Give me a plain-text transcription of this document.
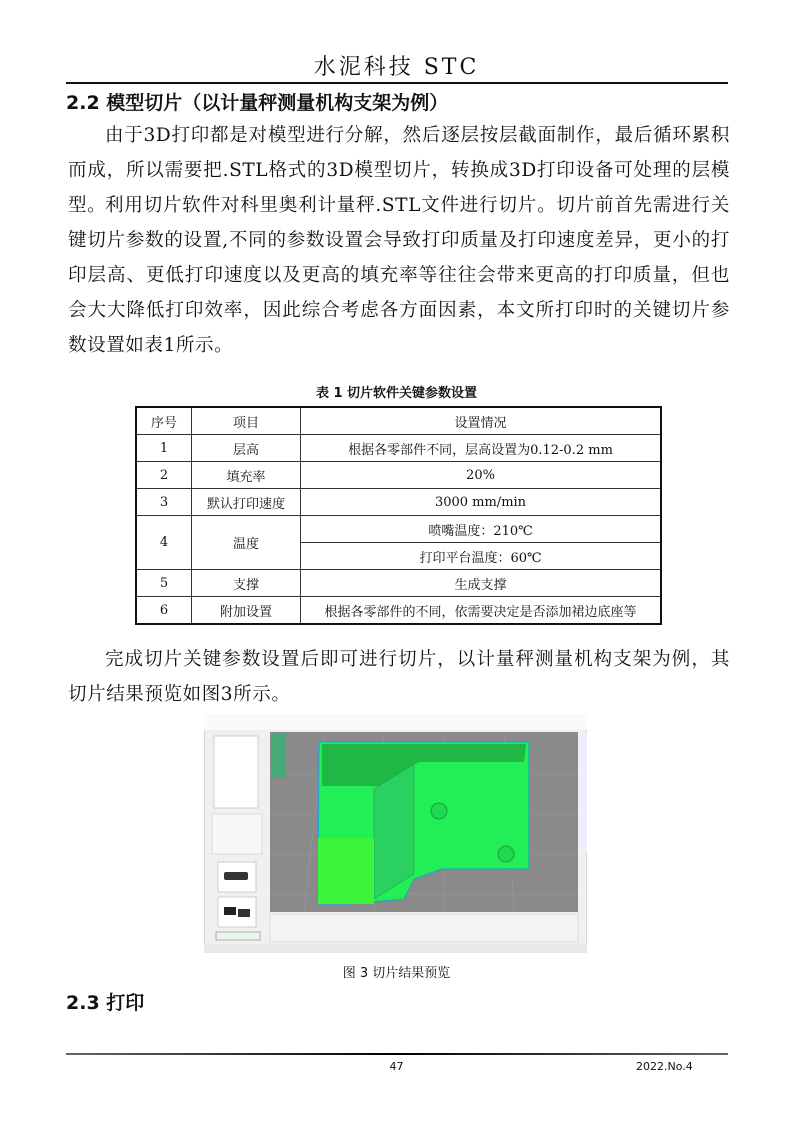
水泥科技 STC
2.2 模型切片（以计量秤测量机构支架为例）
由于3D打印都是对模型进行分解，然后逐层按层截面制作，最后循环累积而成，所以需要把.STL格式的3D模型切片，转换成3D打印设备可处理的层模型。
利用切片软件对科里奥利计量秤.STL文件进行切片。切片前首先需进行关键切片参数的设置,不同的参数设置会导致打印质量及打印速度差异，更小的打印层高、更低打印速度以及更高的填充率等往往会带来更高的打印质量，但也会大大降低打印效率，因此综合考虑各方面因素，本文所打印时的关键切片参数设置如表1所示。
表 1 切片软件关键参数设置
序号	项目	设置情况
1	层高	根据各零部件不同，层高设置为0.12-0.2 mm
2	填充率	20%
3	默认打印速度	3000 mm/min
4	温度	喷嘴温度：210℃
		打印平台温度：60℃
5	支撑	生成支撑
6	附加设置	根据各零部件的不同，依需要决定是否添加裙边底座等
完成切片关键参数设置后即可进行切片，以计量秤测量机构支架为例，其切片结果预览如图3所示。
图 3 切片结果预览
2.3 打印
47	2022.No.4
